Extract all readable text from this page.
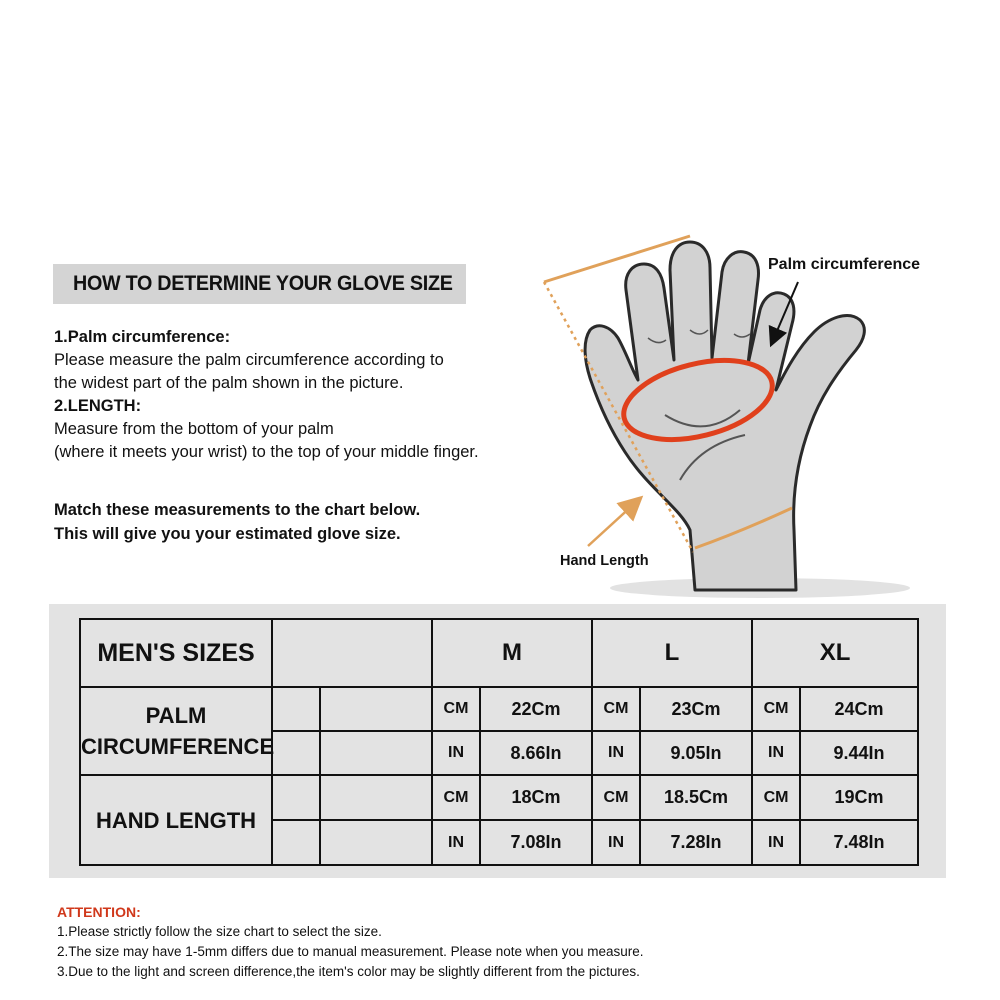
HOW TO DETERMINE YOUR GLOVE SIZE
1.Palm circumference:
Please measure the palm circumference according to
the widest part of the palm shown in the picture.
2.LENGTH:
Measure from the bottom of your palm
(where it meets your wrist) to the top of your middle finger.
Match these measurements to the chart below.
This will give you your estimated glove size.
Palm circumference
Hand Length
MEN'S SIZES			M		L		XL	

PALM
CIRCUMFERENCE			CM	22Cm	CM	23Cm	CM	24Cm
			IN	8.66In	IN	9.05In	IN	9.44In
HAND LENGTH			CM	18Cm	CM	18.5Cm	CM	19Cm
			IN	7.08In	IN	7.28In	IN	7.48In
ATTENTION:
1.Please strictly follow the size chart to select the size.
2.The size may have 1-5mm differs due to manual measurement. Please note when you measure.
3.Due to the light and screen difference,the item's color may be slightly different from the pictures.
